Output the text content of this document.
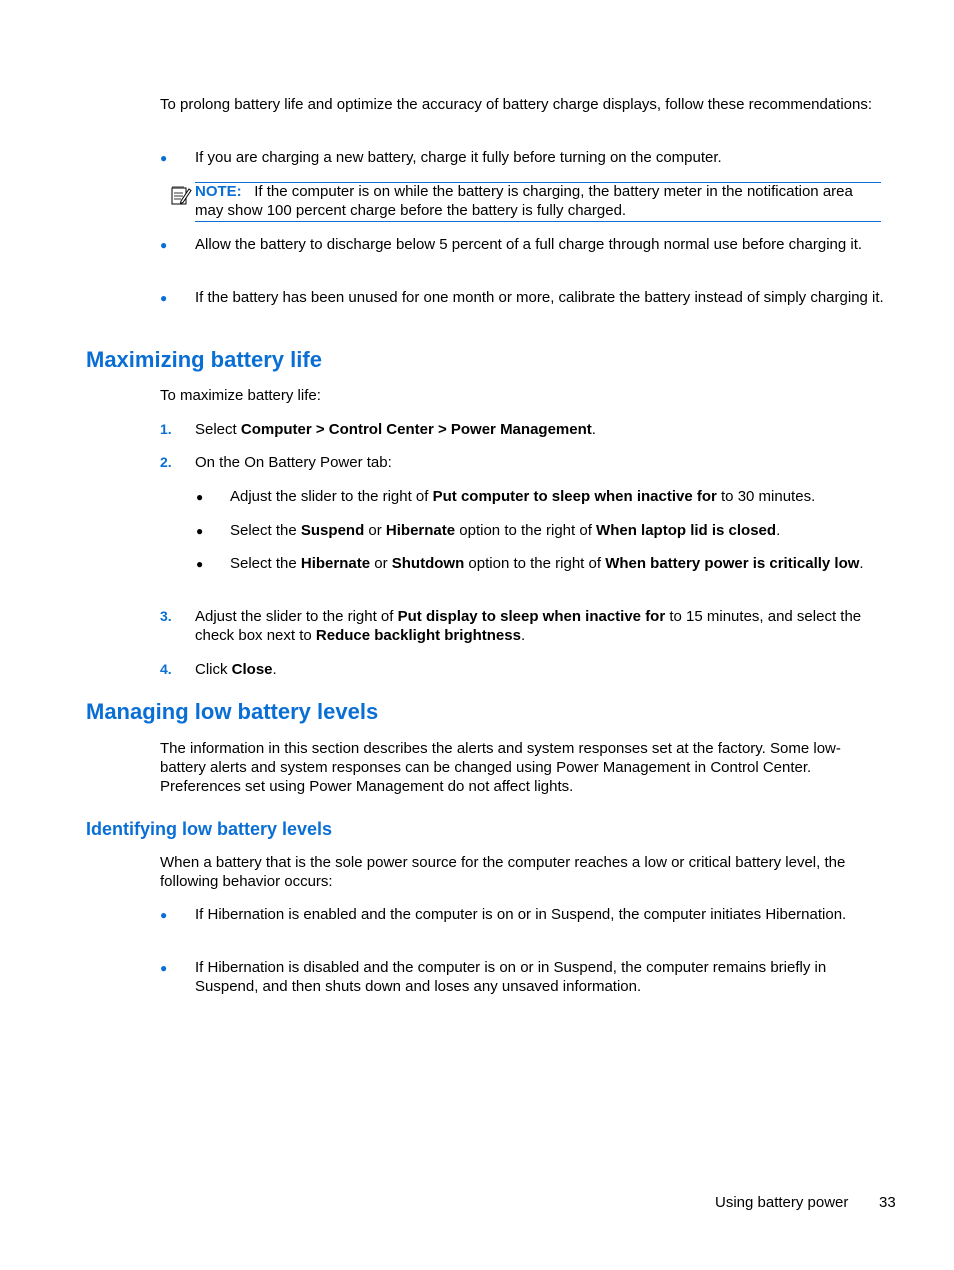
To prolong battery life and optimize the accuracy of battery charge displays, follow these recommendations:
● If you are charging a new battery, charge it fully before turning on the computer.
NOTE: If the computer is on while the battery is charging, the battery meter in the notification area may show 100 percent charge before the battery is fully charged.
● Allow the battery to discharge below 5 percent of a full charge through normal use before charging it.
● If the battery has been unused for one month or more, calibrate the battery instead of simply charging it.
Maximizing battery life
To maximize battery life:
1. Select Computer > Control Center > Power Management.
2. On the On Battery Power tab:
● Adjust the slider to the right of Put computer to sleep when inactive for to 30 minutes.
● Select the Suspend or Hibernate option to the right of When laptop lid is closed.
● Select the Hibernate or Shutdown option to the right of When battery power is critically low.
3. Adjust the slider to the right of Put display to sleep when inactive for to 15 minutes, and select the check box next to Reduce backlight brightness.
4. Click Close.
Managing low battery levels
The information in this section describes the alerts and system responses set at the factory. Some low-battery alerts and system responses can be changed using Power Management in Control Center. Preferences set using Power Management do not affect lights.
Identifying low battery levels
When a battery that is the sole power source for the computer reaches a low or critical battery level, the following behavior occurs:
● If Hibernation is enabled and the computer is on or in Suspend, the computer initiates Hibernation.
● If Hibernation is disabled and the computer is on or in Suspend, the computer remains briefly in Suspend, and then shuts down and loses any unsaved information.
Using battery power 33
